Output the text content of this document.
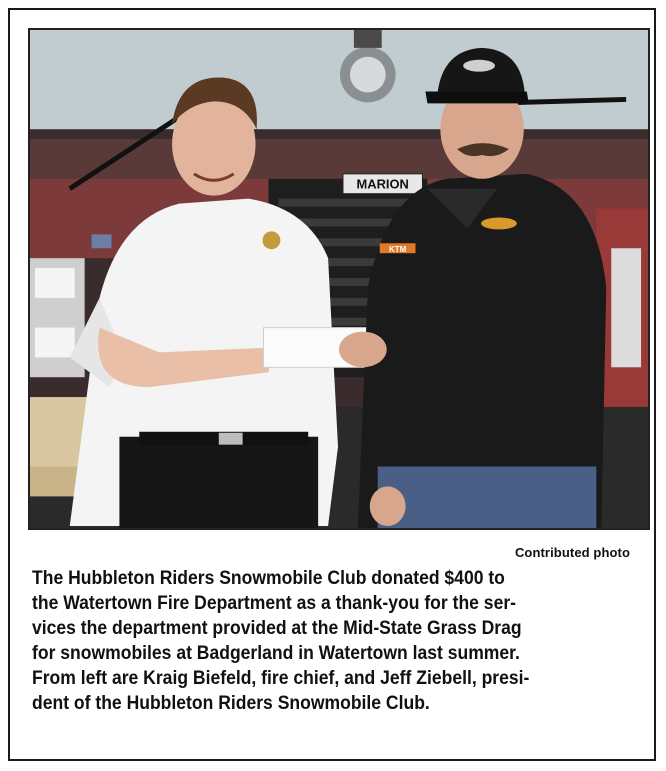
MARION
KTM
Contributed photo
The Hubbleton Riders Snowmobile Club donated $400 to
the Watertown Fire Department as a thank-you for the ser-
vices the department provided at the Mid-State Grass Drag
for snowmobiles at Badgerland in Watertown last summer.
From left are Kraig Biefeld, fire chief, and Jeff Ziebell, presi-
dent of the Hubbleton Riders Snowmobile Club.
